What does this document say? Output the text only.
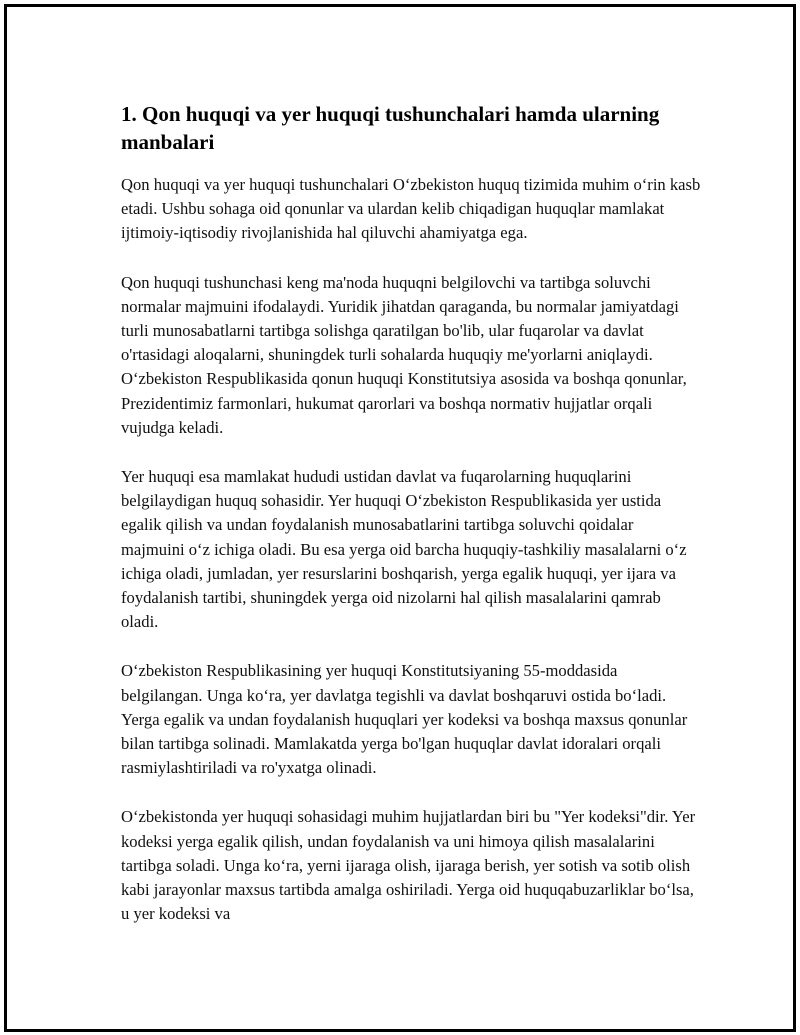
1. Qon huquqi va yer huquqi tushunchalari hamda ularning manbalari

Qon huquqi va yer huquqi tushunchalari O‘zbekiston huquq tizimida muhim o‘rin kasb etadi. Ushbu sohaga oid qonunlar va ulardan kelib chiqadigan huquqlar mamlakat ijtimoiy-iqtisodiy rivojlanishida hal qiluvchi ahamiyatga ega.

Qon huquqi tushunchasi keng ma'noda huquqni belgilovchi va tartibga soluvchi normalar majmuini ifodalaydi. Yuridik jihatdan qaraganda, bu normalar jamiyatdagi turli munosabatlarni tartibga solishga qaratilgan bo'lib, ular fuqarolar va davlat o'rtasidagi aloqalarni, shuningdek turli sohalarda huquqiy me'yorlarni aniqlaydi. O‘zbekiston Respublikasida qonun huquqi Konstitutsiya asosida va boshqa qonunlar, Prezidentimiz farmonlari, hukumat qarorlari va boshqa normativ hujjatlar orqali vujudga keladi.

Yer huquqi esa mamlakat hududi ustidan davlat va fuqarolarning huquqlarini belgilaydigan huquq sohasidir. Yer huquqi O‘zbekiston Respublikasida yer ustida egalik qilish va undan foydalanish munosabatlarini tartibga soluvchi qoidalar majmuini o‘z ichiga oladi. Bu esa yerga oid barcha huquqiy-tashkiliy masalalarni o‘z ichiga oladi, jumladan, yer resurslarini boshqarish, yerga egalik huquqi, yer ijara va foydalanish tartibi, shuningdek yerga oid nizolarni hal qilish masalalarini qamrab oladi.

O‘zbekiston Respublikasining yer huquqi Konstitutsiyaning 55-moddasida belgilangan. Unga ko‘ra, yer davlatga tegishli va davlat boshqaruvi ostida bo‘ladi. Yerga egalik va undan foydalanish huquqlari yer kodeksi va boshqa maxsus qonunlar bilan tartibga solinadi. Mamlakatda yerga bo'lgan huquqlar davlat idoralari orqali rasmiylashtiriladi va ro'yxatga olinadi.

O‘zbekistonda yer huquqi sohasidagi muhim hujjatlardan biri bu "Yer kodeksi"dir. Yer kodeksi yerga egalik qilish, undan foydalanish va uni himoya qilish masalalarini tartibga soladi. Unga ko‘ra, yerni ijaraga olish, ijaraga berish, yer sotish va sotib olish kabi jarayonlar maxsus tartibda amalga oshiriladi. Yerga oid huquqabuzarliklar bo‘lsa, u yer kodeksi va
